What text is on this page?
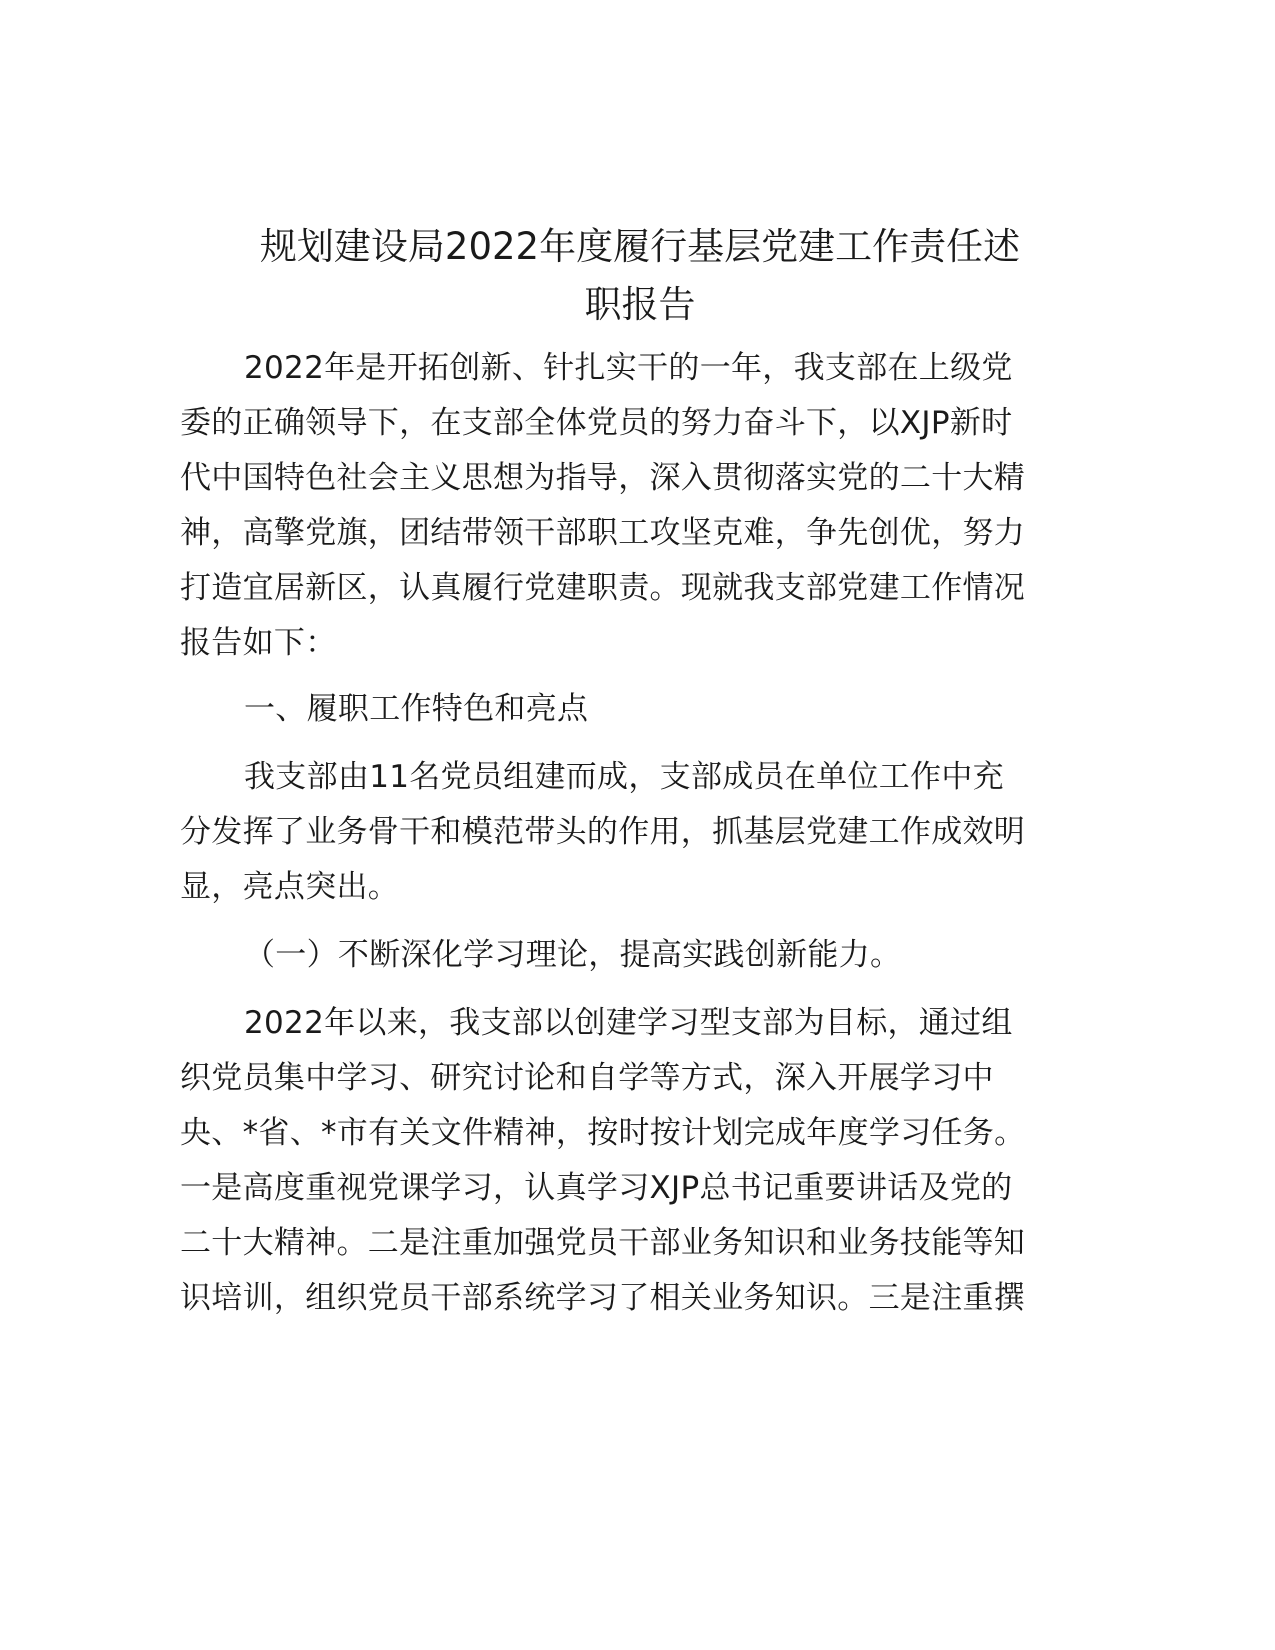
规划建设局2022年度履行基层党建工作责任述
职报告

2022年是开拓创新、针扎实干的一年，我支部在上级党

委的正确领导下，在支部全体党员的努力奋斗下，以XJP新时

代中国特色社会主义思想为指导，深入贯彻落实党的二十大精

神，高擎党旗，团结带领干部职工攻坚克难，争先创优，努力

打造宜居新区，认真履行党建职责。现就我支部党建工作情况

报告如下：

一、履职工作特色和亮点

我支部由11名党员组建而成，支部成员在单位工作中充

分发挥了业务骨干和模范带头的作用，抓基层党建工作成效明

显，亮点突出。

（一）不断深化学习理论，提高实践创新能力。

2022年以来，我支部以创建学习型支部为目标，通过组

织党员集中学习、研究讨论和自学等方式，深入开展学习中

央、*省、*市有关文件精神，按时按计划完成年度学习任务。

一是高度重视党课学习，认真学习XJP总书记重要讲话及党的

二十大精神。二是注重加强党员干部业务知识和业务技能等知

识培训，组织党员干部系统学习了相关业务知识。三是注重撰
